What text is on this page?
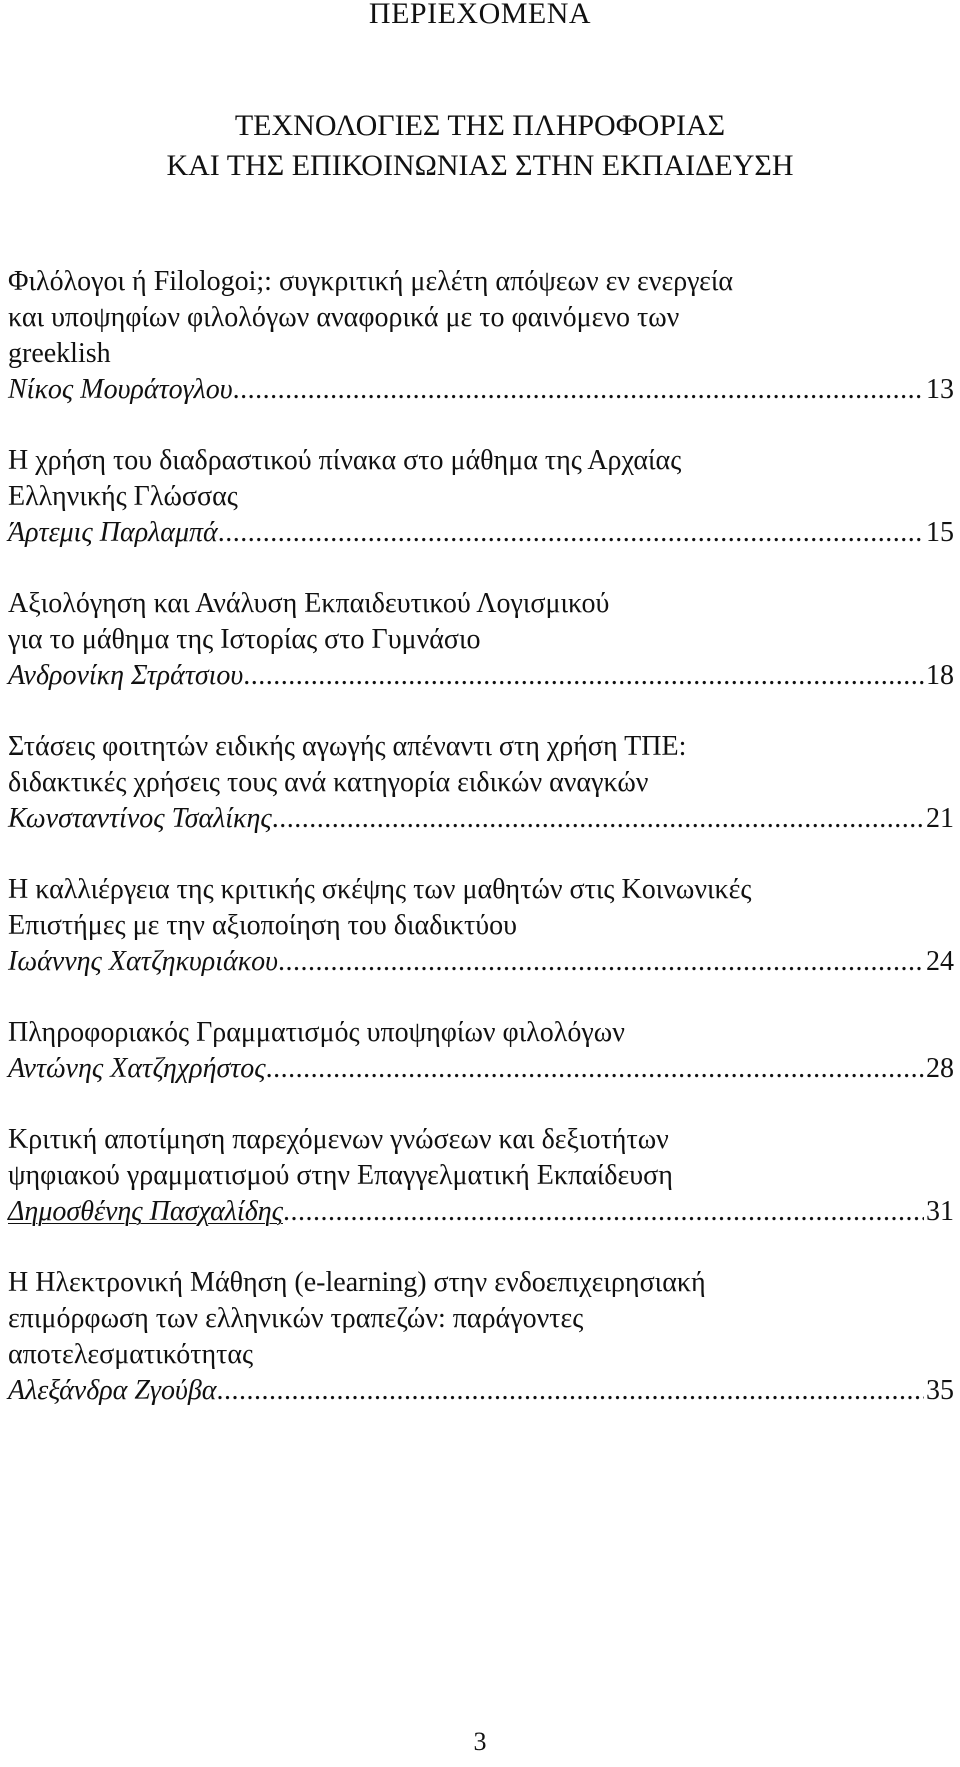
ΠΕΡΙΕΧΟΜΕΝΑ
ΤΕΧΝΟΛΟΓΙΕΣ ΤΗΣ ΠΛΗΡΟΦΟΡΙΑΣ
ΚΑΙ ΤΗΣ ΕΠΙΚΟΙΝΩΝΙΑΣ ΣΤΗΝ ΕΚΠΑΙΔΕΥΣΗ
Φιλόλογοι ή Filologoi;: συγκριτική μελέτη απόψεων εν ενεργεία
και υποψηφίων φιλολόγων αναφορικά με το φαινόμενο των
greeklish
Νίκος Μουράτογλου .....	13
Η χρήση του διαδραστικού πίνακα στο μάθημα της Αρχαίας
Ελληνικής Γλώσσας
Άρτεμις Παρλαμπά .....	15
Αξιολόγηση και Ανάλυση Εκπαιδευτικού Λογισμικού
για το μάθημα της Ιστορίας στο Γυμνάσιο
Ανδρονίκη Στράτσιου .....	18
Στάσεις φοιτητών ειδικής αγωγής απέναντι στη χρήση ΤΠΕ:
διδακτικές χρήσεις τους ανά κατηγορία ειδικών αναγκών
Κωνσταντίνος Τσαλίκης .....	21
Η καλλιέργεια της κριτικής σκέψης των μαθητών στις Κοινωνικές
Επιστήμες με την αξιοποίηση του διαδικτύου
Ιωάννης Χατζηκυριάκου .....	24
Πληροφοριακός Γραμματισμός υποψηφίων φιλολόγων
Αντώνης Χατζηχρήστος .....	28
Κριτική αποτίμηση παρεχόμενων γνώσεων και δεξιοτήτων
ψηφιακού γραμματισμού στην Επαγγελματική Εκπαίδευση
Δημοσθένης Πασχαλίδης .....	31
Η Ηλεκτρονική Μάθηση (e-learning) στην ενδοεπιχειρησιακή
επιμόρφωση των ελληνικών τραπεζών: παράγοντες
αποτελεσματικότητας
Αλεξάνδρα Ζγούβα .....	35
3
